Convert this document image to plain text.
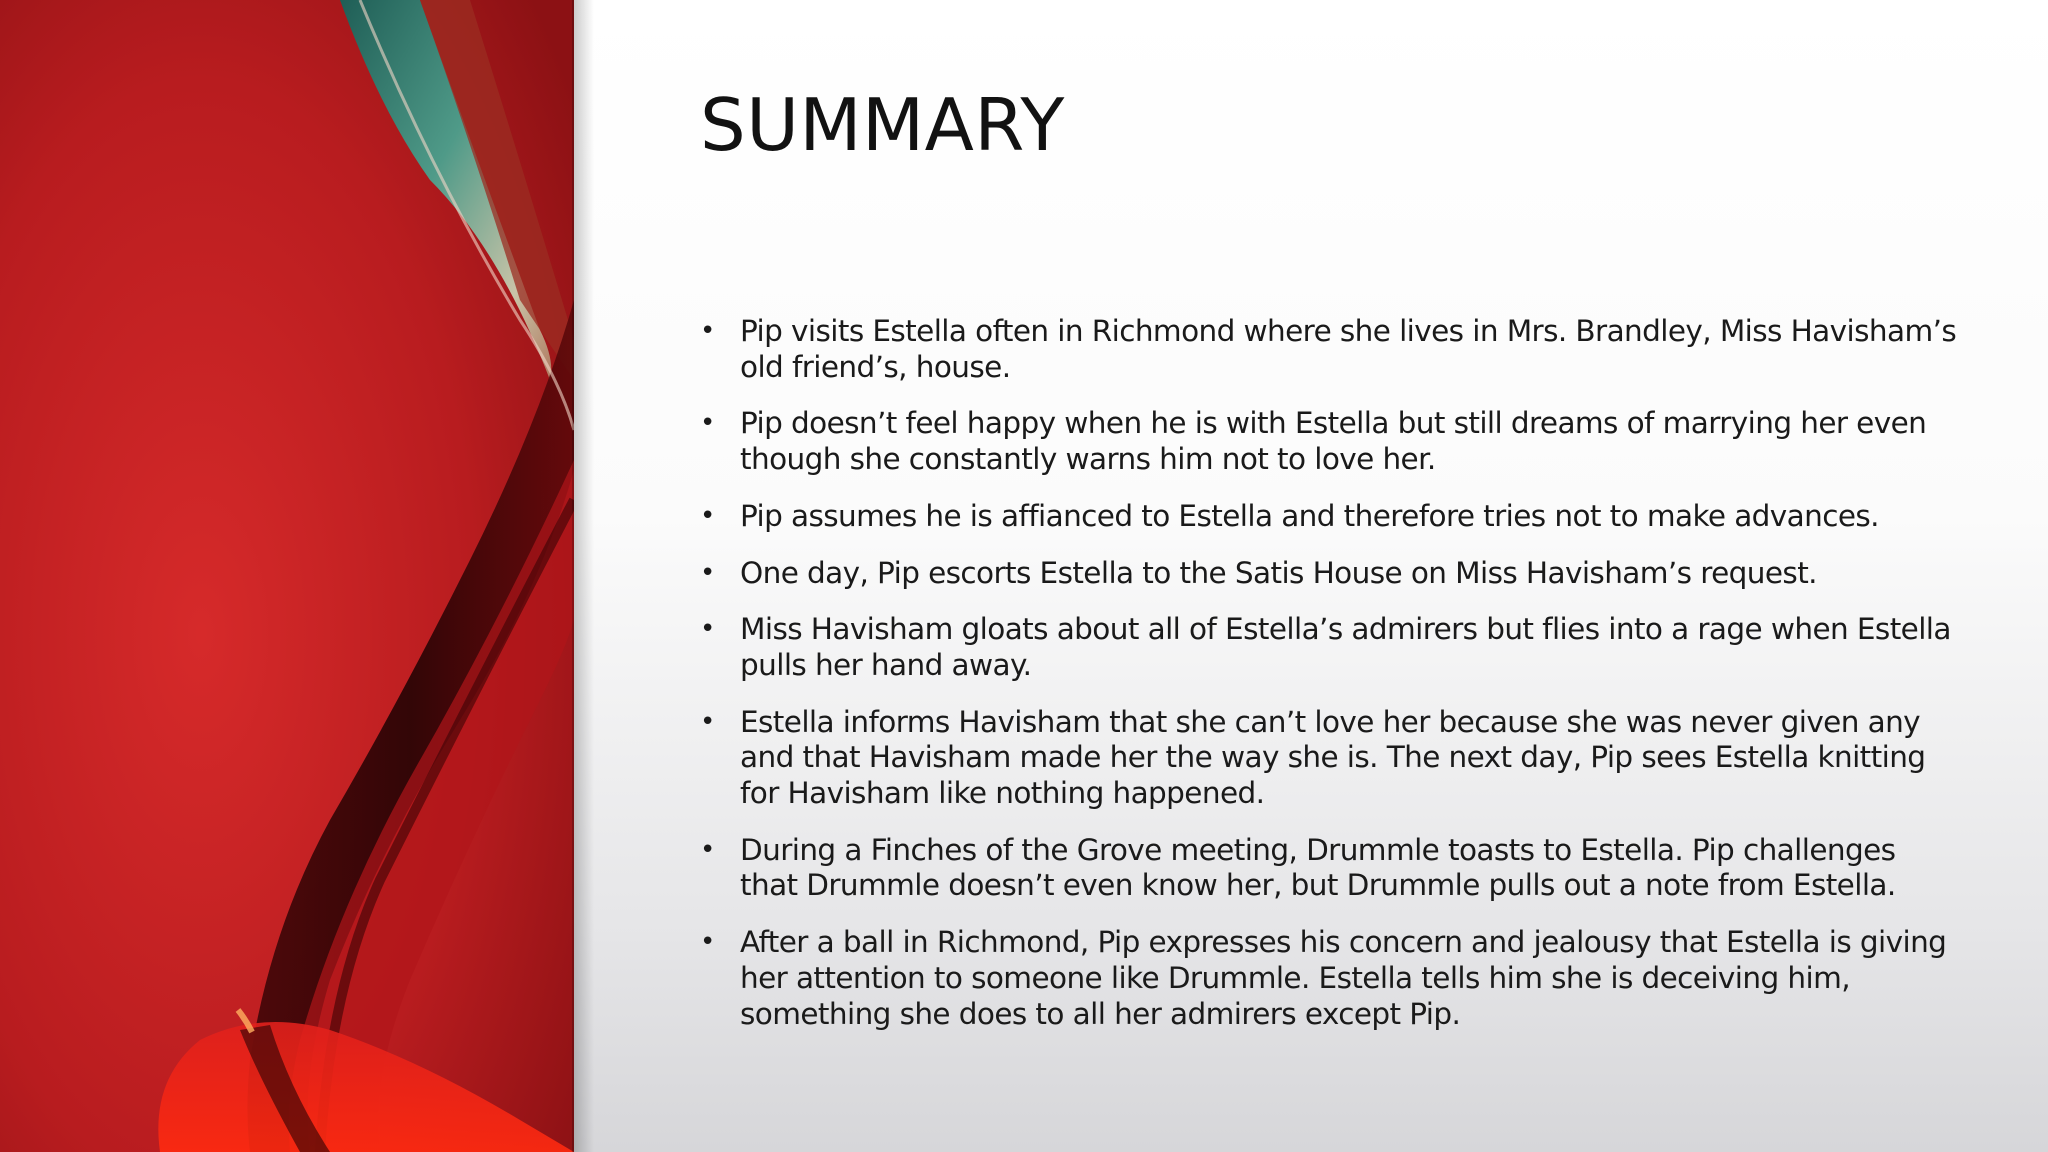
SUMMARY
• Pip visits Estella often in Richmond where she lives in Mrs. Brandley, Miss Havisham’s old friend’s, house.
• Pip doesn’t feel happy when he is with Estella but still dreams of marrying her even though she constantly warns him not to love her.
• Pip assumes he is affianced to Estella and therefore tries not to make advances.
• One day, Pip escorts Estella to the Satis House on Miss Havisham’s request.
• Miss Havisham gloats about all of Estella’s admirers but flies into a rage when Estella pulls her hand away.
• Estella informs Havisham that she can’t love her because she was never given any and that Havisham made her the way she is. The next day, Pip sees Estella knitting for Havisham like nothing happened.
• During a Finches of the Grove meeting, Drummle toasts to Estella. Pip challenges that Drummle doesn’t even know her, but Drummle pulls out a note from Estella.
• After a ball in Richmond, Pip expresses his concern and jealousy that Estella is giving her attention to someone like Drummle. Estella tells him she is deceiving him, something she does to all her admirers except Pip.
